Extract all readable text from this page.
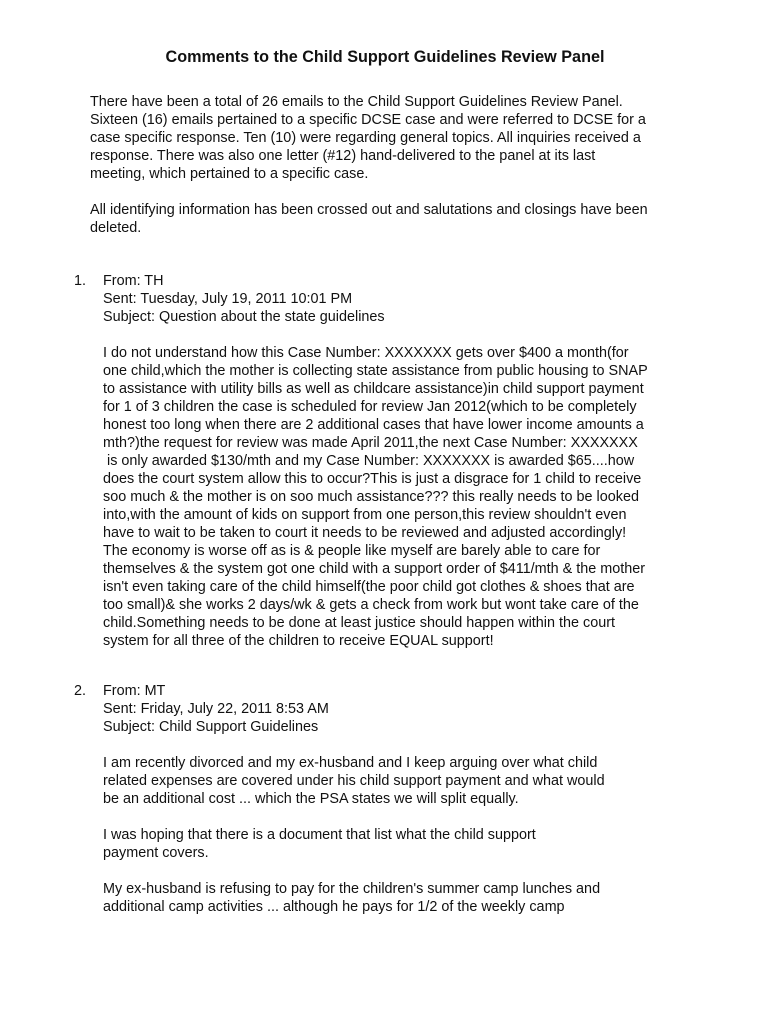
Comments to the Child Support Guidelines Review Panel

There have been a total of 26 emails to the Child Support Guidelines Review Panel.
Sixteen (16) emails pertained to a specific DCSE case and were referred to DCSE for a
case specific response. Ten (10) were regarding general topics. All inquiries received a
response. There was also one letter (#12) hand-delivered to the panel at its last
meeting, which pertained to a specific case.

All identifying information has been crossed out and salutations and closings have been
deleted.

1. From: TH
Sent: Tuesday, July 19, 2011 10:01 PM
Subject: Question about the state guidelines
I do not understand how this Case Number: XXXXXXX gets over $400 a month(for
one child,which the mother is collecting state assistance from public housing to SNAP
to assistance with utility bills as well as childcare assistance)in child support payment
for 1 of 3 children the case is scheduled for review Jan 2012(which to be completely
honest too long when there are 2 additional cases that have lower income amounts a
mth?)the request for review was made April 2011,the next Case Number: XXXXXXX
is only awarded $130/mth and my Case Number: XXXXXXX is awarded $65....how
does the court system allow this to occur?This is just a disgrace for 1 child to receive
soo much & the mother is on soo much assistance??? this really needs to be looked
into,with the amount of kids on support from one person,this review shouldn't even
have to wait to be taken to court it needs to be reviewed and adjusted accordingly!
The economy is worse off as is & people like myself are barely able to care for
themselves & the system got one child with a support order of $411/mth & the mother
isn't even taking care of the child himself(the poor child got clothes & shoes that are
too small)& she works 2 days/wk & gets a check from work but wont take care of the
child.Something needs to be done at least justice should happen within the court
system for all three of the children to receive EQUAL support!
2. From: MT
Sent: Friday, July 22, 2011 8:53 AM
Subject: Child Support Guidelines
I am recently divorced and my ex-husband and I keep arguing over what child
related expenses are covered under his child support payment and what would
be an additional cost ... which the PSA states we will split equally.
I was hoping that there is a document that list what the child support
payment covers.
My ex-husband is refusing to pay for the children's summer camp lunches and
additional camp activities ... although he pays for 1/2 of the weekly camp
